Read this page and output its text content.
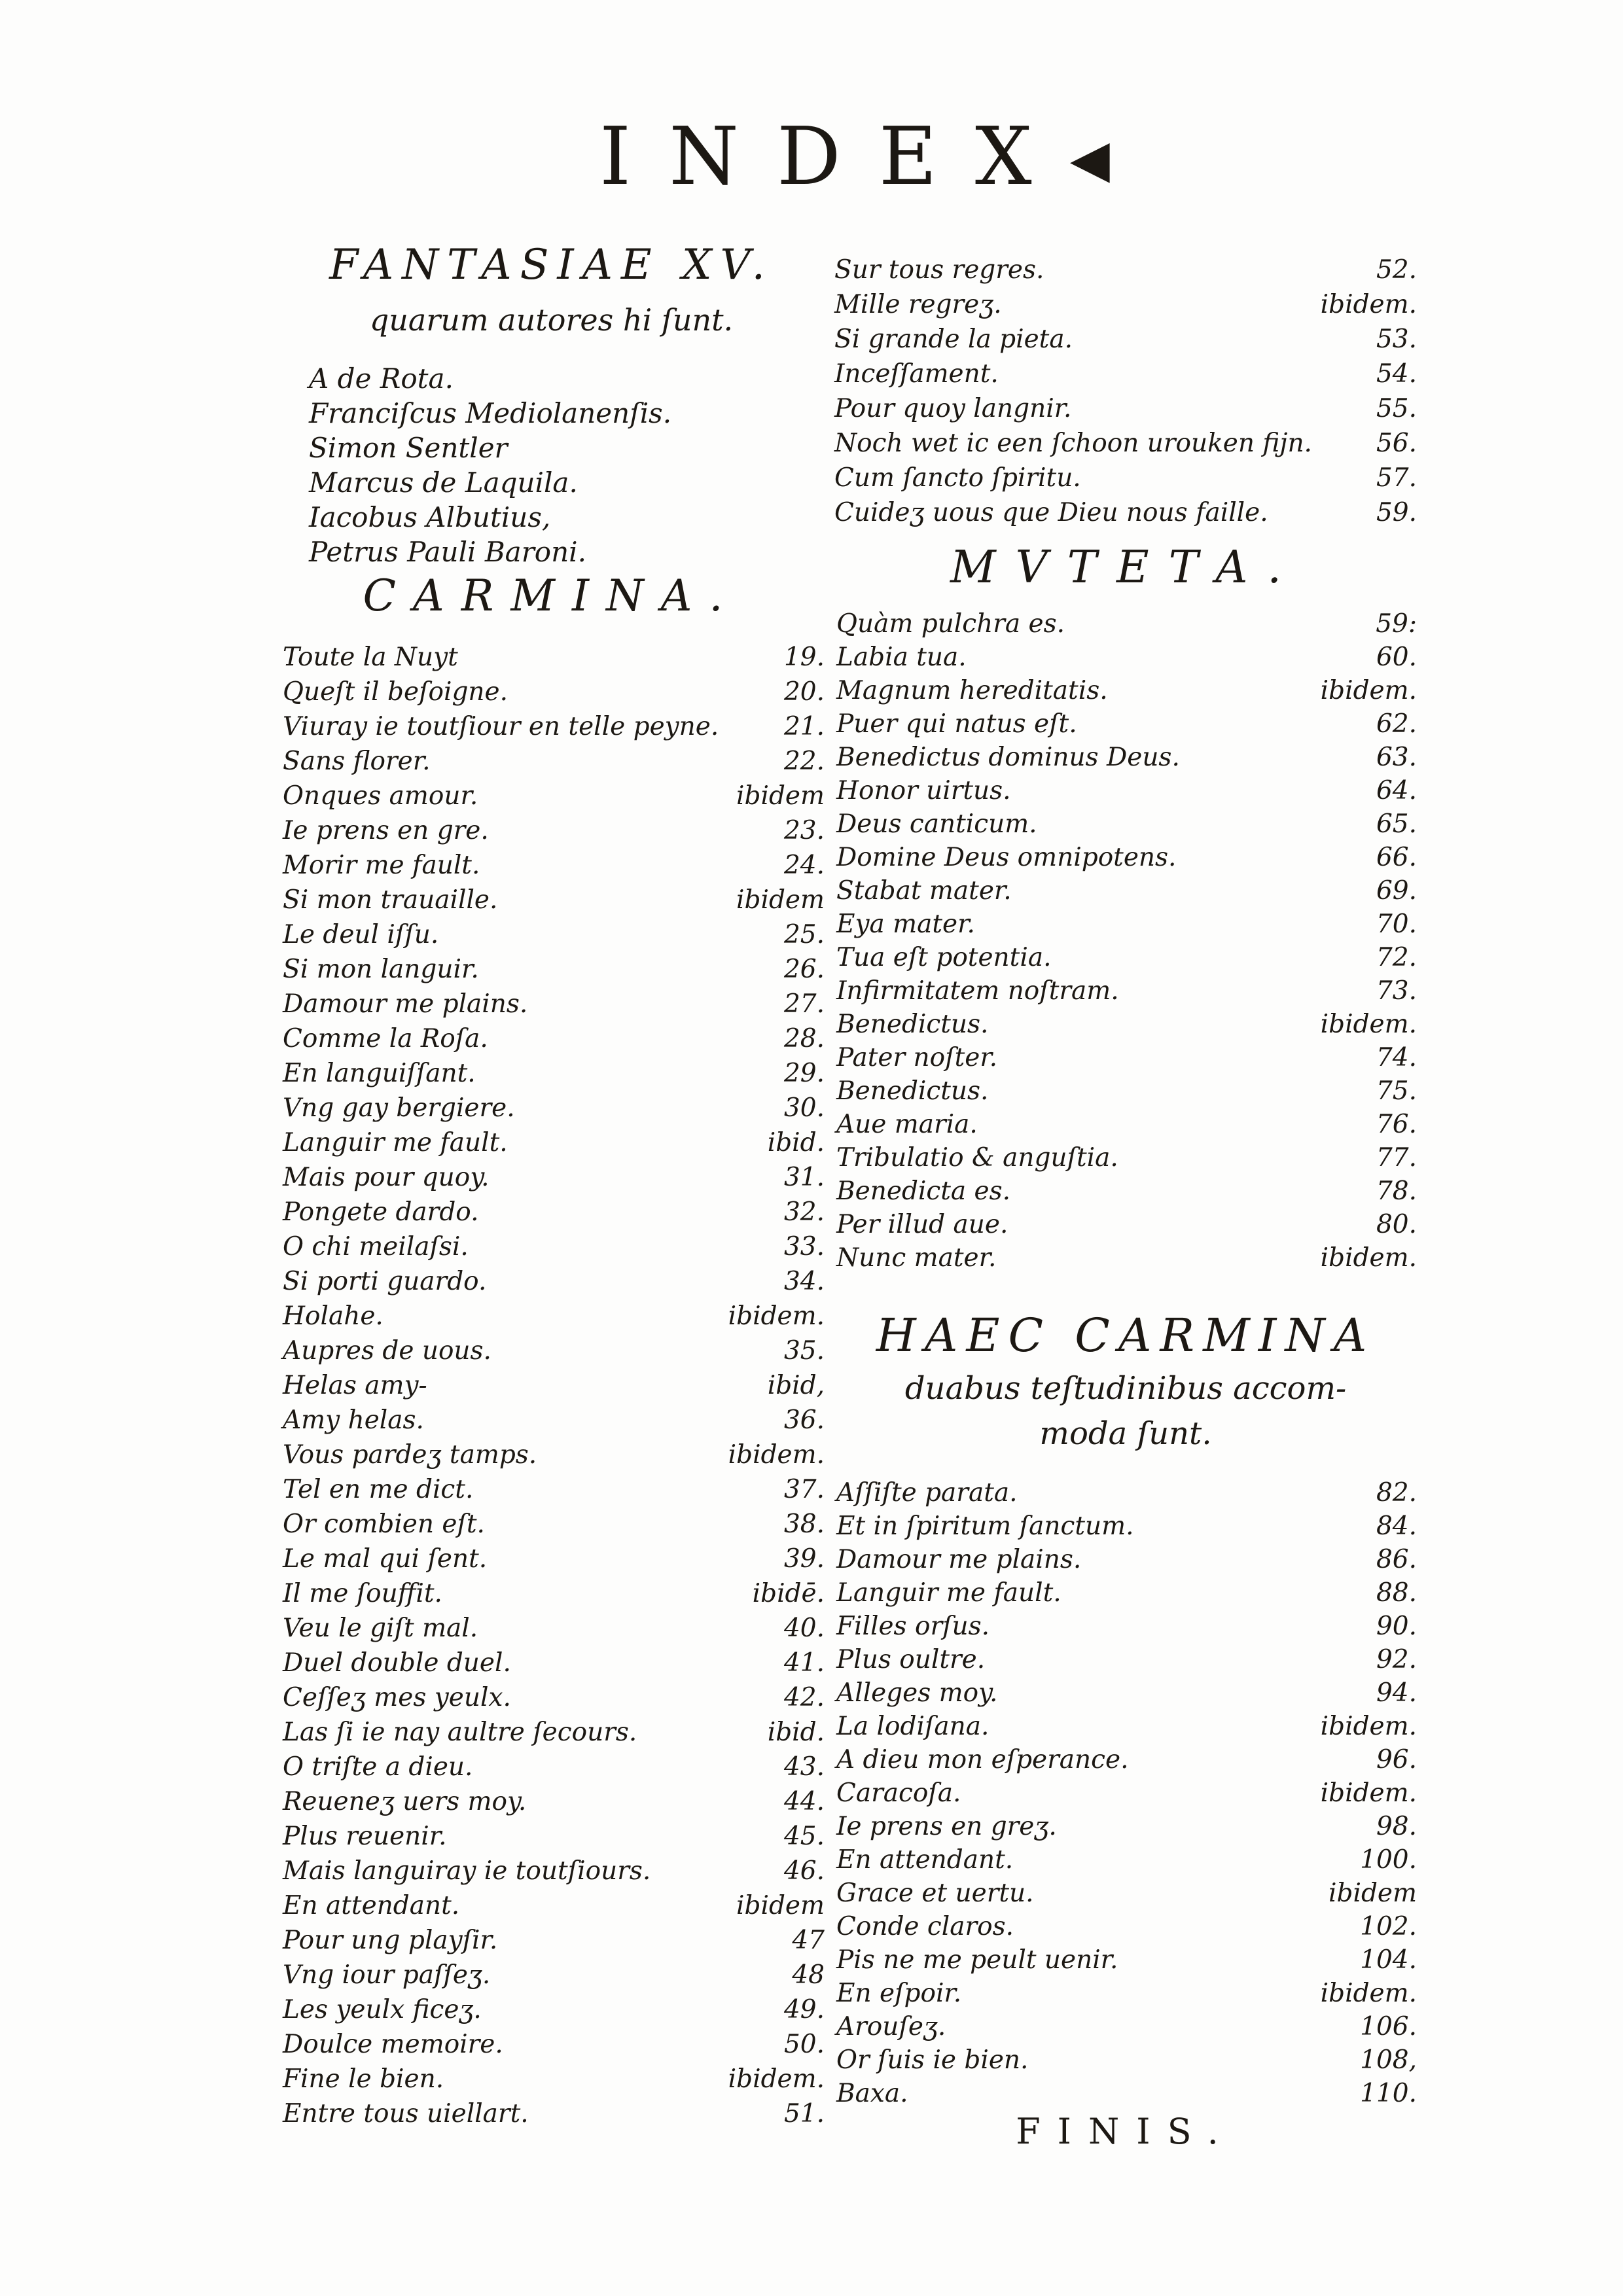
INDEX◂
FANTASIAE XV.
quarum autores hi ſunt.
A de Rota.
Franciſcus Mediolanenſis.
Simon Sentler
Marcus de Laquila.
Iacobus Albutius,
Petrus Pauli Baroni.
CARMINA.
Toute la Nuyt	19.
Queſt il beſoigne.	20.
Viuray ie toutſiour en telle peyne.	21.
Sans florer.	22.
Onques amour.	ibidem
Ie prens en gre.	23.
Morir me fault.	24.
Si mon trauaille.	ibidem
Le deul iſſu.	25.
Si mon languir.	26.
Damour me plains.	27.
Comme la Roſa.	28.
En languiſſant.	29.
Vng gay bergiere.	30.
Languir me fault.	ibid.
Mais pour quoy.	31.
Pongete dardo.	32.
O chi meilaſsi.	33.
Si porti guardo.	34.
Holahe.	ibidem.
Aupres de uous.	35.
Helas amy-	ibid,
Amy helas.	36.
Vous pardeʒ tamps.	ibidem.
Tel en me dict.	37.
Or combien eſt.	38.
Le mal qui ſent.	39.
Il me ſouffit.	ibidē.
Veu le giſt mal.	40.
Duel double duel.	41.
Ceſſeʒ mes yeulx.	42.
Las ſi ie nay aultre ſecours.	ibid.
O triſte a dieu.	43.
Reueneʒ uers moy.	44.
Plus reuenir.	45.
Mais languiray ie toutſiours.	46.
En attendant.	ibidem
Pour ung playſir.	47
Vng iour paſſeʒ.	48
Les yeulx ficeʒ.	49.
Doulce memoire.	50.
Fine le bien.	ibidem.
Entre tous uiellart.	51.
Sur tous regres.	52.
Mille regreʒ.	ibidem.
Si grande la pieta.	53.
Inceſſament.	54.
Pour quoy langnir.	55.
Noch wet ic een ſchoon urouken fijn.	56.
Cum ſancto ſpiritu.	57.
Cuideʒ uous que Dieu nous faille.	59.
MVTETA.
Quàm pulchra es.	59:
Labia tua.	60.
Magnum hereditatis.	ibidem.
Puer qui natus eſt.	62.
Benedictus dominus Deus.	63.
Honor uirtus.	64.
Deus canticum.	65.
Domine Deus omnipotens.	66.
Stabat mater.	69.
Eya mater.	70.
Tua eſt potentia.	72.
Infirmitatem noſtram.	73.
Benedictus.	ibidem.
Pater noſter.	74.
Benedictus.	75.
Aue maria.	76.
Tribulatio & anguſtia.	77.
Benedicta es.	78.
Per illud aue.	80.
Nunc mater.	ibidem.
HAEC CARMINA
duabus teſtudinibus accom-
moda ſunt.
Aſſiſte parata.	82.
Et in ſpiritum ſanctum.	84.
Damour me plains.	86.
Languir me fault.	88.
Filles orſus.	90.
Plus oultre.	92.
Alleges moy.	94.
La lodiſana.	ibidem.
A dieu mon eſperance.	96.
Caracoſa.	ibidem.
Ie prens en greʒ.	98.
En attendant.	100.
Grace et uertu.	ibidem
Conde claros.	102.
Pis ne me peult uenir.	104.
En eſpoir.	ibidem.
Arouſeʒ.	106.
Or ſuis ie bien.	108,
Baxa.	110.
FINIS.
